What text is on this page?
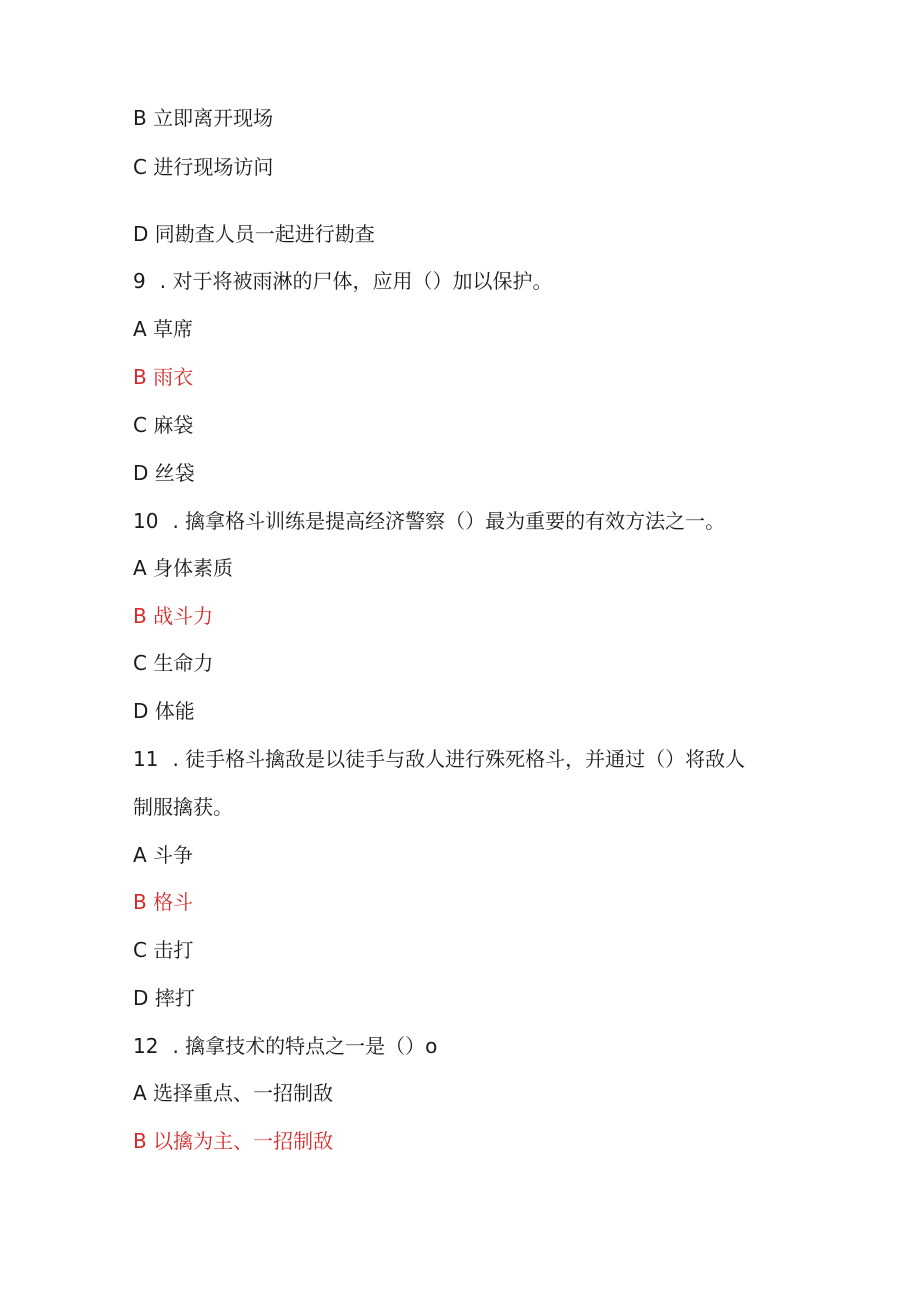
B 立即离开现场
C 进行现场访问
D 同勘查人员一起进行勘查
9 . 对于将被雨淋的尸体，应用（）加以保护。
A 草席
B 雨衣
C 麻袋
D 丝袋
10 . 擒拿格斗训练是提高经济警察（）最为重要的有效方法之一。
A 身体素质
B 战斗力
C 生命力
D 体能
11 . 徒手格斗擒敌是以徒手与敌人进行殊死格斗，并通过（）将敌人
制服擒获。
A 斗争
B 格斗
C 击打
D 摔打
12 . 擒拿技术的特点之一是（）o
A 选择重点、一招制敌
B 以擒为主、一招制敌
